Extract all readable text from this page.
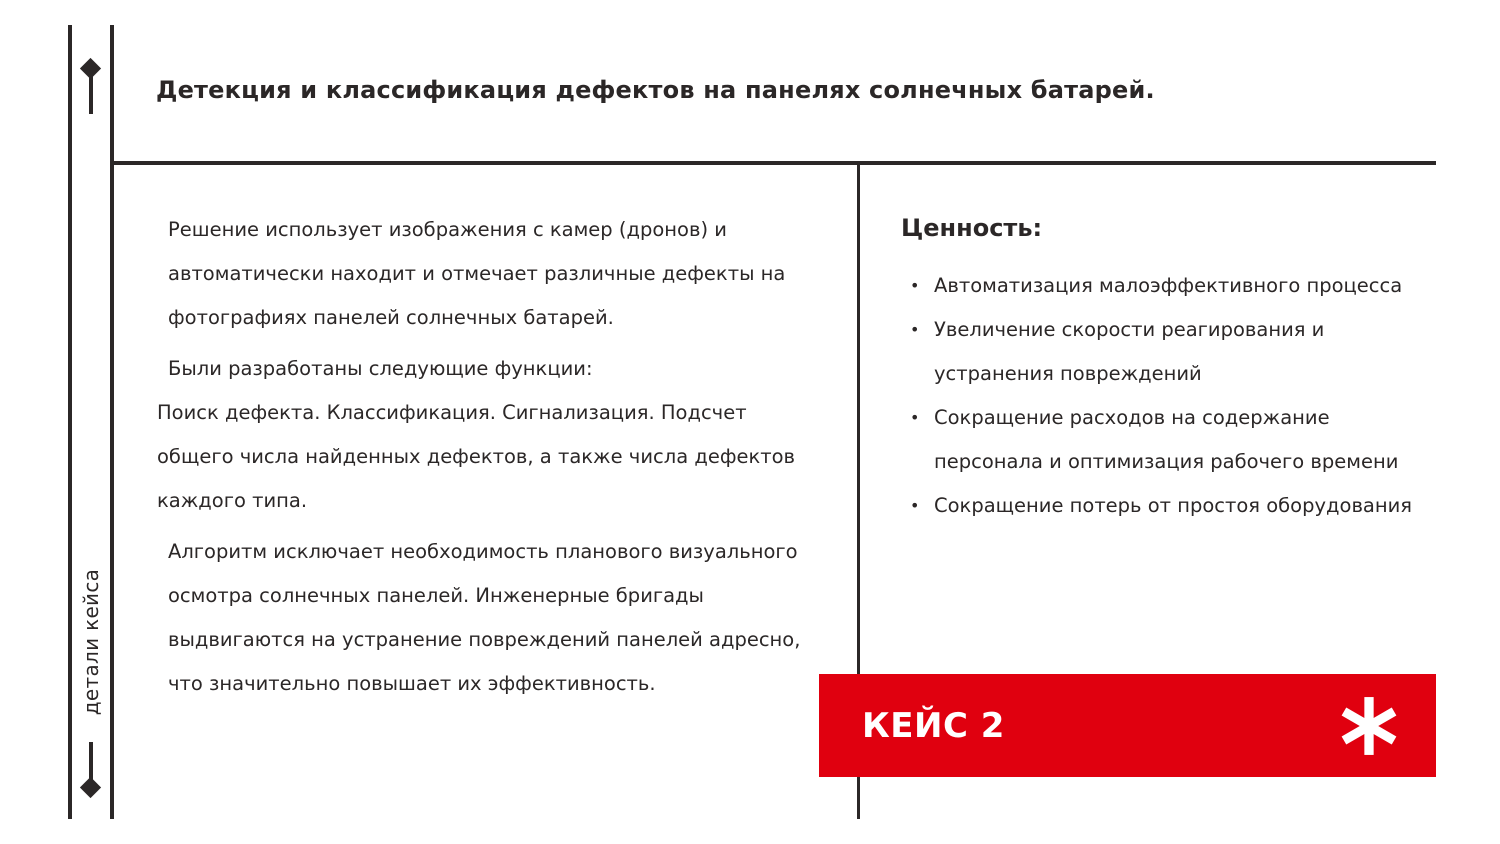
детали кейса
Детекция и классификация дефектов на панелях солнечных батарей.

Решение использует изображения с камер (дронов) и автоматически находит и отмечает различные дефекты на фотографиях панелей солнечных батарей.

Были разработаны следующие функции:

Поиск дефекта. Классификация. Сигнализация. Подсчет общего числа найденных дефектов, а также числа дефектов каждого типа.

Алгоритм исключает необходимость планового визуального осмотра солнечных панелей. Инженерные бригады выдвигаются на устранение повреждений панелей адресно, что значительно повышает их эффективность.

Ценность:
• Автоматизация малоэффективного процесса
• Увеличение скорости реагирования и устранения повреждений
• Сокращение расходов на содержание персонала и оптимизация рабочего времени
• Сокращение потерь от простоя оборудования
КЕЙС 2
